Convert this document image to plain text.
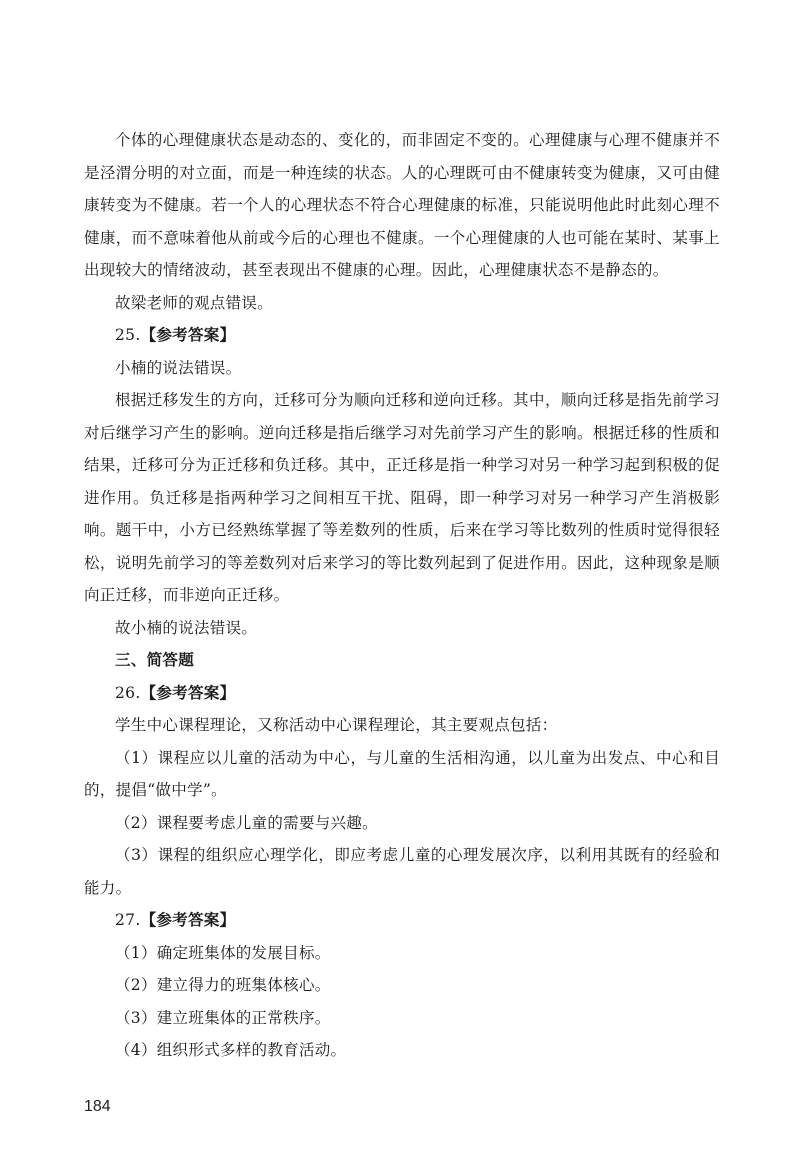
个体的心理健康状态是动态的、变化的，而非固定不变的。心理健康与心理不健康并不是泾渭分明的对立面，而是一种连续的状态。人的心理既可由不健康转变为健康，又可由健康转变为不健康。若一个人的心理状态不符合心理健康的标准，只能说明他此时此刻心理不健康，而不意味着他从前或今后的心理也不健康。一个心理健康的人也可能在某时、某事上出现较大的情绪波动，甚至表现出不健康的心理。因此，心理健康状态不是静态的。

故梁老师的观点错误。

25.【参考答案】

小楠的说法错误。

根据迁移发生的方向，迁移可分为顺向迁移和逆向迁移。其中，顺向迁移是指先前学习对后继学习产生的影响。逆向迁移是指后继学习对先前学习产生的影响。根据迁移的性质和结果，迁移可分为正迁移和负迁移。其中，正迁移是指一种学习对另一种学习起到积极的促进作用。负迁移是指两种学习之间相互干扰、阻碍，即一种学习对另一种学习产生消极影响。题干中，小方已经熟练掌握了等差数列的性质，后来在学习等比数列的性质时觉得很轻松，说明先前学习的等差数列对后来学习的等比数列起到了促进作用。因此，这种现象是顺向正迁移，而非逆向正迁移。

故小楠的说法错误。

三、简答题

26.【参考答案】

学生中心课程理论，又称活动中心课程理论，其主要观点包括：

（1）课程应以儿童的活动为中心，与儿童的生活相沟通，以儿童为出发点、中心和目的，提倡“做中学”。

（2）课程要考虑儿童的需要与兴趣。

（3）课程的组织应心理学化，即应考虑儿童的心理发展次序，以利用其既有的经验和能力。

27.【参考答案】

（1）确定班集体的发展目标。

（2）建立得力的班集体核心。

（3）建立班集体的正常秩序。

（4）组织形式多样的教育活动。

184
